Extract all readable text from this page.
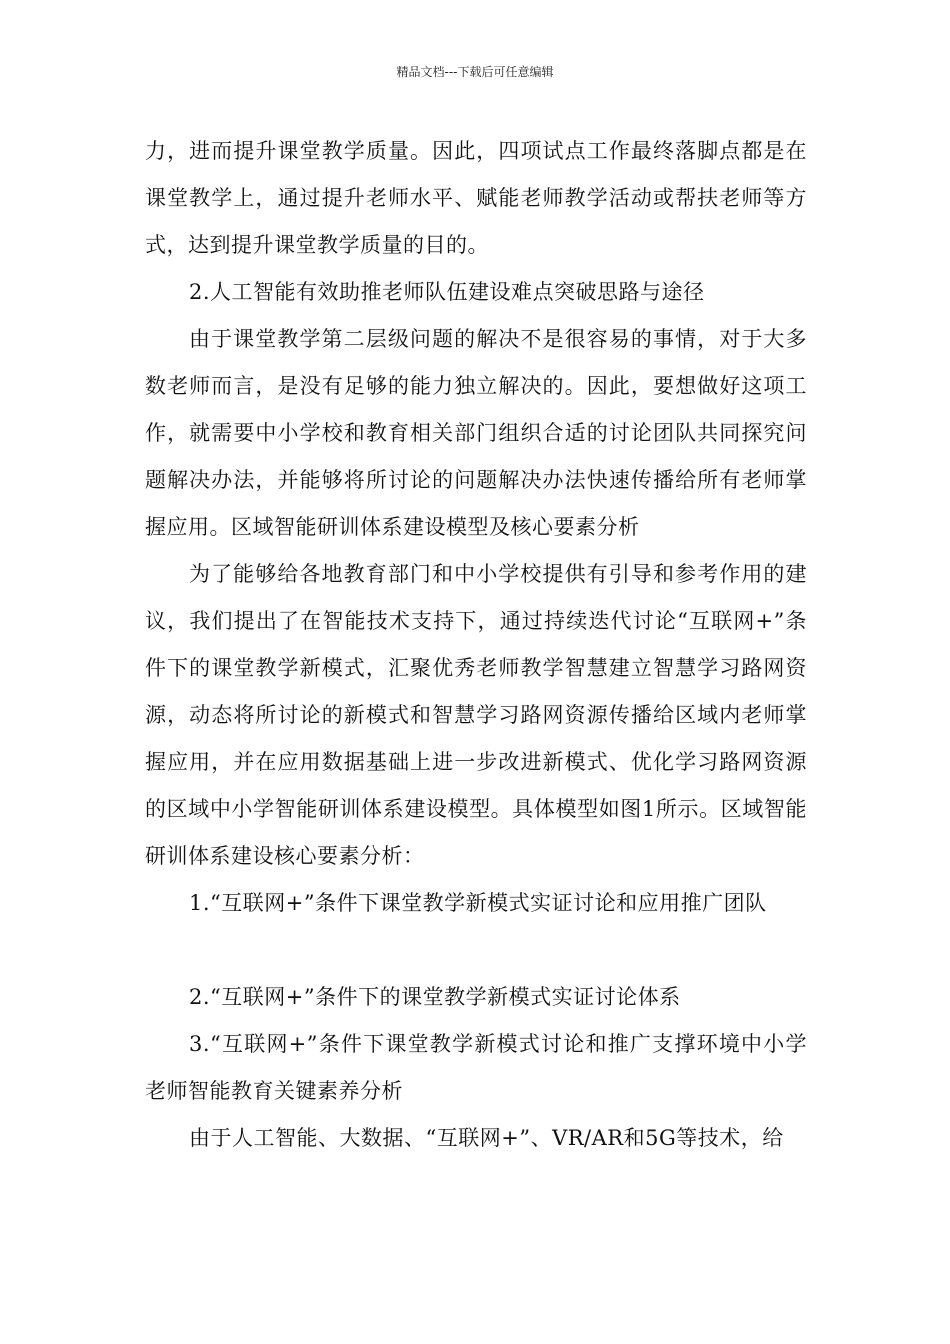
精品文档---下载后可任意编辑

力，进而提升课堂教学质量。因此，四项试点工作最终落脚点都是在课堂教学上，通过提升老师水平、赋能老师教学活动或帮扶老师等方式，达到提升课堂教学质量的目的。

2.人工智能有效助推老师队伍建设难点突破思路与途径

由于课堂教学第二层级问题的解决不是很容易的事情，对于大多数老师而言，是没有足够的能力独立解决的。因此，要想做好这项工作，就需要中小学校和教育相关部门组织合适的讨论团队共同探究问题解决办法，并能够将所讨论的问题解决办法快速传播给所有老师掌握应用。区域智能研训体系建设模型及核心要素分析

为了能够给各地教育部门和中小学校提供有引导和参考作用的建议，我们提出了在智能技术支持下，通过持续迭代讨论“互联网+”条件下的课堂教学新模式，汇聚优秀老师教学智慧建立智慧学习路网资源，动态将所讨论的新模式和智慧学习路网资源传播给区域内老师掌握应用，并在应用数据基础上进一步改进新模式、优化学习路网资源的区域中小学智能研训体系建设模型。具体模型如图1所示。区域智能研训体系建设核心要素分析：

1.“互联网+”条件下课堂教学新模式实证讨论和应用推广团队

2.“互联网+”条件下的课堂教学新模式实证讨论体系

3.“互联网+”条件下课堂教学新模式讨论和推广支撑环境中小学老师智能教育关键素养分析

由于人工智能、大数据、“互联网+”、VR/AR和5G等技术，给
